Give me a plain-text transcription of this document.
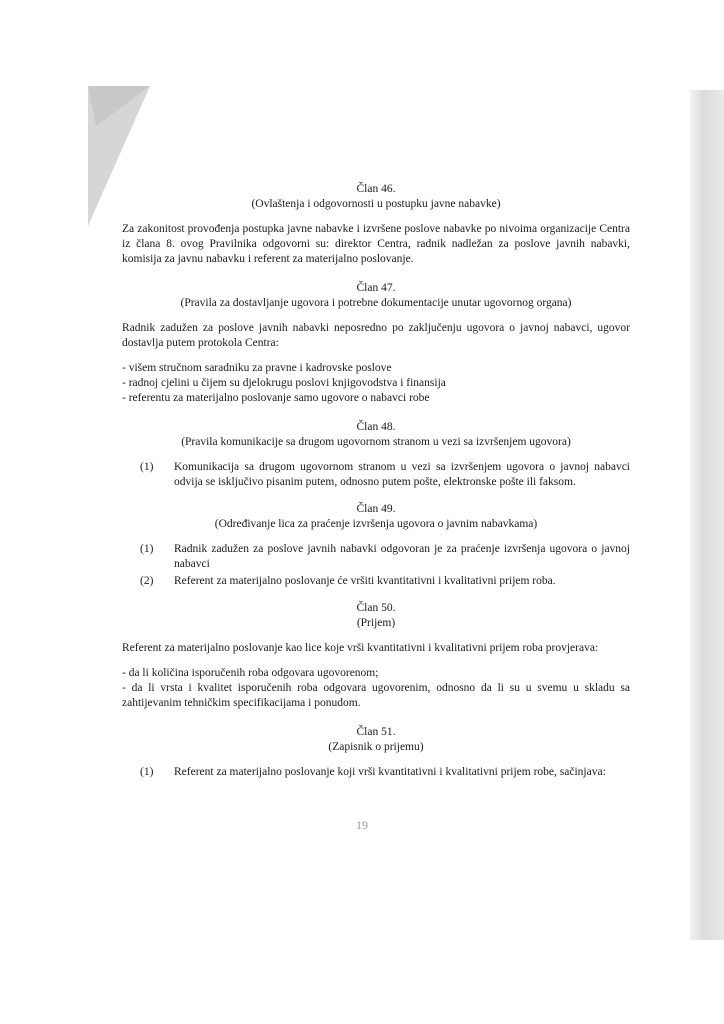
Član 46.
(Ovlaštenja i odgovornosti u postupku javne nabavke)

Za zakonitost provođenja postupka javne nabavke i izvršene poslove nabavke po nivoima organizacije Centra iz člana 8. ovog Pravilnika odgovorni su: direktor Centra, radnik nadležan za poslove javnih nabavki, komisija za javnu nabavku i referent za materijalno poslovanje.

Član 47.
(Pravila za dostavljanje ugovora i potrebne dokumentacije unutar ugovornog organa)

Radnik zadužen za poslove javnih nabavki neposredno po zaključenju ugovora o javnoj nabavci, ugovor dostavlja putem protokola Centra:

- višem stručnom saradniku za pravne i kadrovske poslove

- radnoj cjelini u čijem su djelokrugu poslovi knjigovodstva i finansija

- referentu za materijalno poslovanje samo ugovore o nabavci robe

Član 48.
(Pravila komunikacije sa drugom ugovornom stranom u vezi sa izvršenjem ugovora)

(1) Komunikacija sa drugom ugovornom stranom u vezi sa izvršenjem ugovora o javnoj nabavci odvija se isključivo pisanim putem, odnosno putem pošte, elektronske pošte ili faksom.

Član 49.
(Određivanje lica za praćenje izvršenja ugovora o javnim nabavkama)

(1) Radnik zadužen za poslove javnih nabavki odgovoran je za praćenje izvršenja ugovora o javnoj nabavci

(2) Referent za materijalno poslovanje će vršiti kvantitativni i kvalitativni prijem roba.

Član 50.
(Prijem)

Referent za materijalno poslovanje kao lice koje vrši kvantitativni i kvalitativni prijem roba provjerava:

- da li količina isporučenih roba odgovara ugovorenom;

- da li vrsta i kvalitet isporučenih roba odgovara ugovorenim, odnosno da li su u svemu u skladu sa zahtijevanim tehničkim specifikacijama i ponudom.

Član 51.
(Zapisnik o prijemu)

(1) Referent za materijalno poslovanje koji vrši kvantitativni i kvalitativni prijem robe, sačinjava:

19
